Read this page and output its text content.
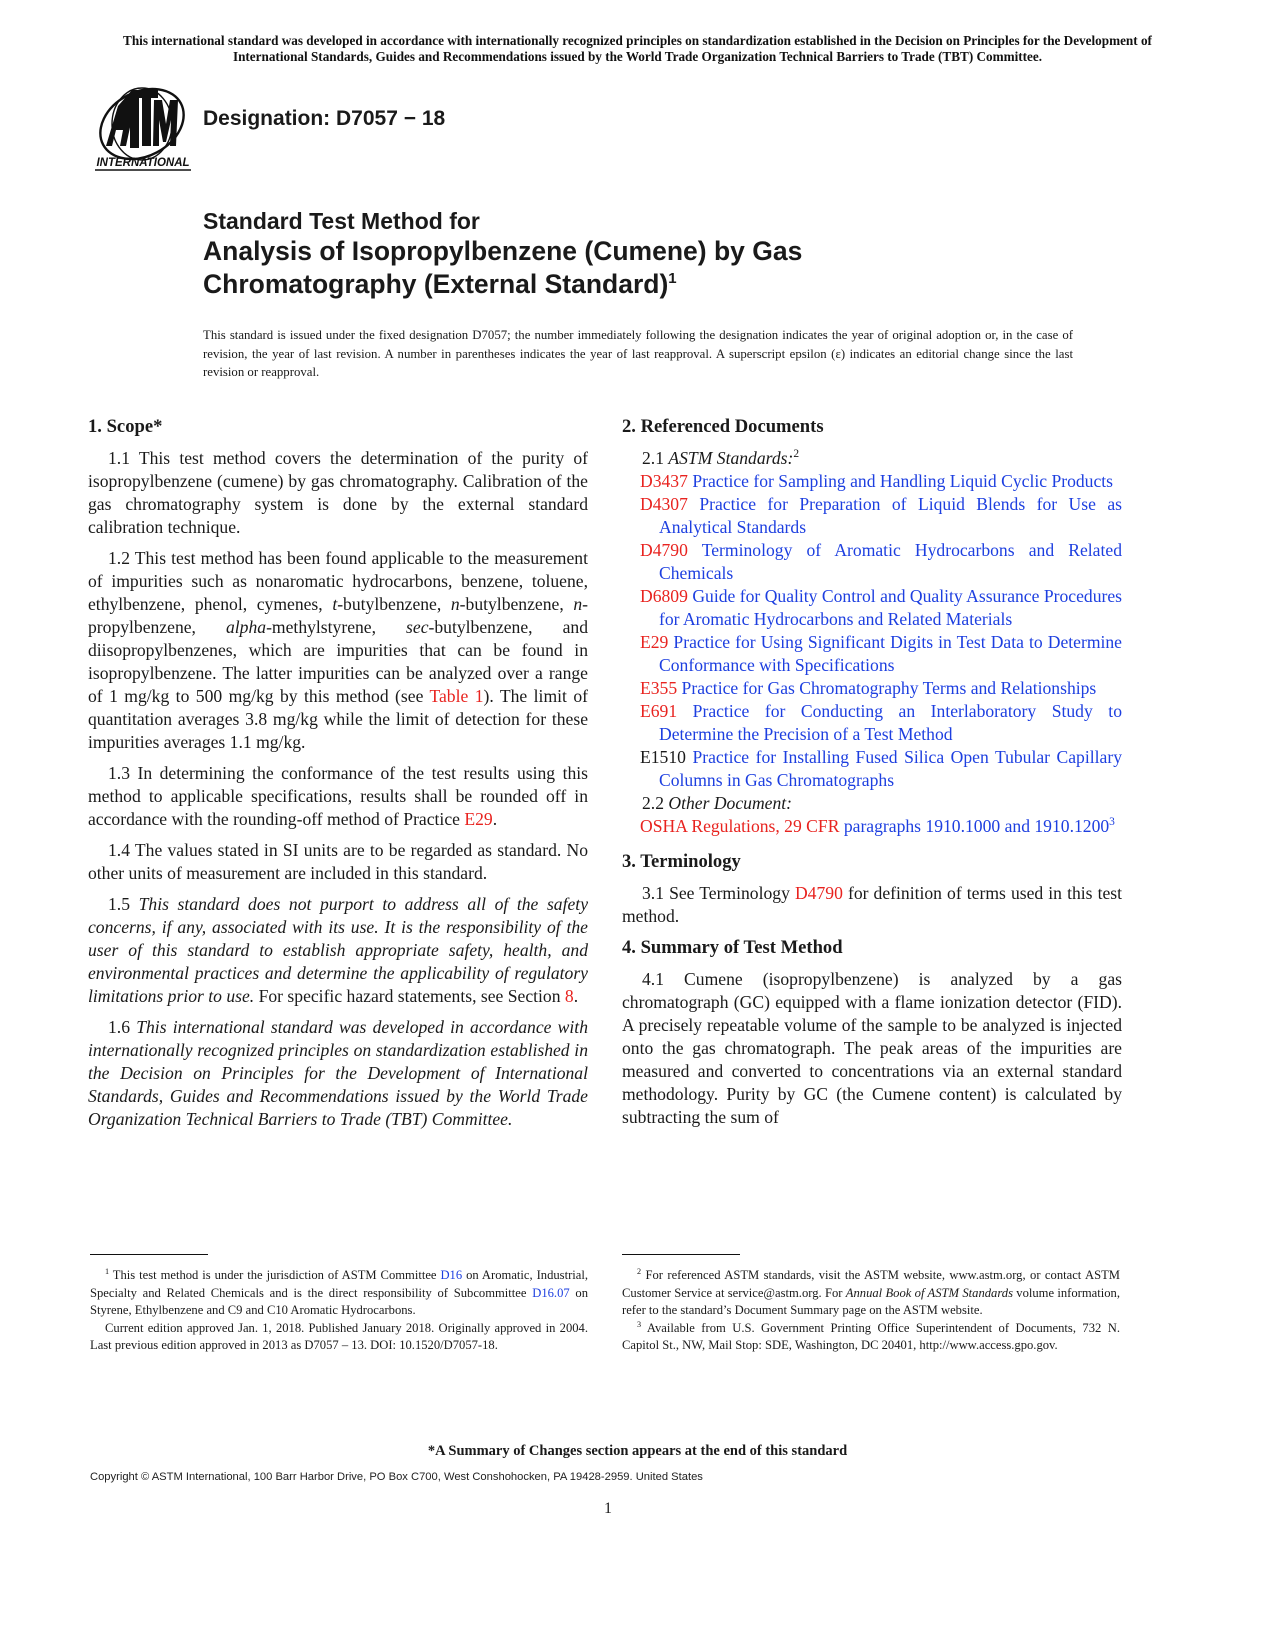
This international standard was developed in accordance with internationally recognized principles on standardization established in the Decision on Principles for the Development of International Standards, Guides and Recommendations issued by the World Trade Organization Technical Barriers to Trade (TBT) Committee.
INTERNATIONAL
Designation: D7057 − 18

Standard Test Method for

Analysis of Isopropylbenzene (Cumene) by Gas

Chromatography (External Standard)$^1$

This standard is issued under the fixed designation D7057; the number immediately following the designation indicates the year of original adoption or, in the case of revision, the year of last revision. A number in parentheses indicates the year of last reapproval. A superscript epsilon (ε) indicates an editorial change since the last revision or reapproval.

1. Scope*

1.1 This test method covers the determination of the purity of isopropylbenzene (cumene) by gas chromatography. Calibration of the gas chromatography system is done by the external standard calibration technique.

1.2 This test method has been found applicable to the measurement of impurities such as nonaromatic hydrocarbons, benzene, toluene, ethylbenzene, phenol, cymenes, t-butylbenzene, n-butylbenzene, n-propylbenzene, alpha-methylstyrene, sec-butylbenzene, and diisopropylbenzenes, which are impurities that can be found in isopropylbenzene. The latter impurities can be analyzed over a range of 1 mg/kg to 500 mg/kg by this method (see Table 1). The limit of quantitation averages 3.8 mg/kg while the limit of detection for these impurities averages 1.1 mg/kg.

1.3 In determining the conformance of the test results using this method to applicable specifications, results shall be rounded off in accordance with the rounding-off method of Practice E29.

1.4 The values stated in SI units are to be regarded as standard. No other units of measurement are included in this standard.

1.5 This standard does not purport to address all of the safety concerns, if any, associated with its use. It is the responsibility of the user of this standard to establish appropriate safety, health, and environmental practices and determine the applicability of regulatory limitations prior to use. For specific hazard statements, see Section 8.

1.6 This international standard was developed in accordance with internationally recognized principles on standardization established in the Decision on Principles for the Development of International Standards, Guides and Recommendations issued by the World Trade Organization Technical Barriers to Trade (TBT) Committee.

2. Referenced Documents

2.1 ASTM Standards:$^2$

D3437 Practice for Sampling and Handling Liquid Cyclic Products

D4307 Practice for Preparation of Liquid Blends for Use as Analytical Standards

D4790 Terminology of Aromatic Hydrocarbons and Related Chemicals

D6809 Guide for Quality Control and Quality Assurance Procedures for Aromatic Hydrocarbons and Related Materials

E29 Practice for Using Significant Digits in Test Data to Determine Conformance with Specifications

E355 Practice for Gas Chromatography Terms and Relationships

E691 Practice for Conducting an Interlaboratory Study to Determine the Precision of a Test Method

E1510 Practice for Installing Fused Silica Open Tubular Capillary Columns in Gas Chromatographs

2.2 Other Document:

OSHA Regulations, 29 CFR paragraphs 1910.1000 and 1910.1200$^3$

3. Terminology

3.1 See Terminology D4790 for definition of terms used in this test method.

4. Summary of Test Method

4.1 Cumene (isopropylbenzene) is analyzed by a gas chromatograph (GC) equipped with a flame ionization detector (FID). A precisely repeatable volume of the sample to be analyzed is injected onto the gas chromatograph. The peak areas of the impurities are measured and converted to concentrations via an external standard methodology. Purity by GC (the Cumene content) is calculated by subtracting the sum of

$^1$ This test method is under the jurisdiction of ASTM Committee D16 on Aromatic, Industrial, Specialty and Related Chemicals and is the direct responsibility of Subcommittee D16.07 on Styrene, Ethylbenzene and C9 and C10 Aromatic Hydrocarbons.

Current edition approved Jan. 1, 2018. Published January 2018. Originally approved in 2004. Last previous edition approved in 2013 as D7057 – 13. DOI: 10.1520/D7057-18.

$^2$ For referenced ASTM standards, visit the ASTM website, www.astm.org, or contact ASTM Customer Service at service@astm.org. For Annual Book of ASTM Standards volume information, refer to the standard’s Document Summary page on the ASTM website.

$^3$ Available from U.S. Government Printing Office Superintendent of Documents, 732 N. Capitol St., NW, Mail Stop: SDE, Washington, DC 20401, http://www.access.gpo.gov.

*A Summary of Changes section appears at the end of this standard
Copyright © ASTM International, 100 Barr Harbor Drive, PO Box C700, West Conshohocken, PA 19428-2959. United States
1
